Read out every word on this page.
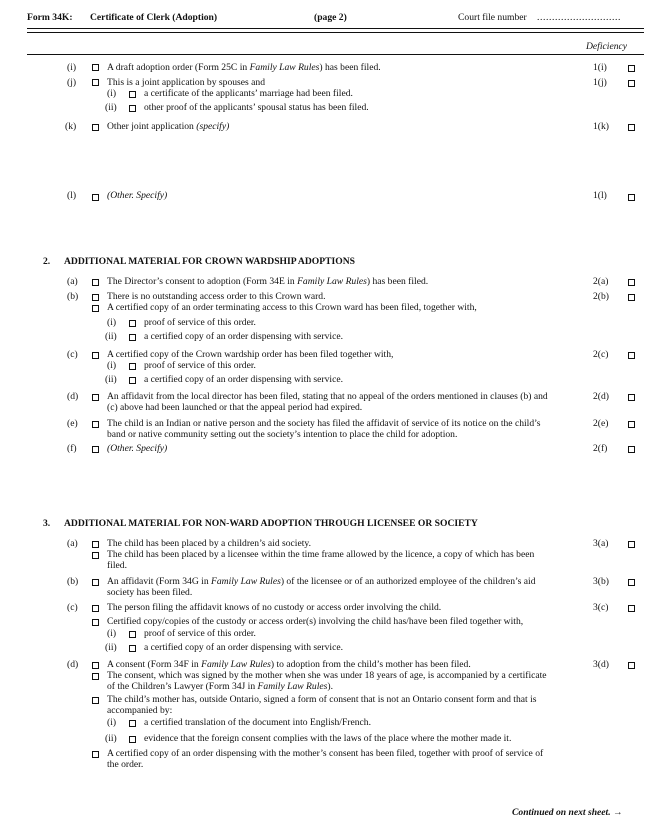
Form 34K: Certificate of Clerk (Adoption)	(page 2)	Court file number ............................
Deficiency
(i)	A draft adoption order (Form 25C in Family Law Rules) has been filed.	1(i)
(j)	This is a joint application by spouses and	1(j)
(i)	a certificate of the applicants’ marriage had been filed.
(ii)	other proof of the applicants’ spousal status has been filed.
(k)	Other joint application (specify)	1(k)
(l)	(Other. Specify)	1(l)
2. ADDITIONAL MATERIAL FOR CROWN WARDSHIP ADOPTIONS
(a)	The Director’s consent to adoption (Form 34E in Family Law Rules) has been filed.	2(a)
(b)	There is no outstanding access order to this Crown ward.	2(b)
A certified copy of an order terminating access to this Crown ward has been filed, together with,
(i)	proof of service of this order.
(ii)	a certified copy of an order dispensing with service.
(c)	A certified copy of the Crown wardship order has been filed together with,	2(c)
(i)	proof of service of this order.
(ii)	a certified copy of an order dispensing with service.
(d)	An affidavit from the local director has been filed, stating that no appeal of the orders mentioned in clauses (b) and
(c) above had been launched or that the appeal period had expired.
2(d)
(e)	The child is an Indian or native person and the society has filed the affidavit of service of its notice on the child’s
band or native community setting out the society’s intention to place the child for adoption.
2(e)
(f)	(Other. Specify)	2(f)
3. ADDITIONAL MATERIAL FOR NON-WARD ADOPTION THROUGH LICENSEE OR SOCIETY
(a)	The child has been placed by a children’s aid society.	3(a)
The child has been placed by a licensee within the time frame allowed by the licence, a copy of which has been
filed.
(b)	An affidavit (Form 34G in Family Law Rules) of the licensee or of an authorized employee of the children’s aid
society has been filed.
3(b)
(c)	The person filing the affidavit knows of no custody or access order involving the child.	3(c)
Certified copy/copies of the custody or access order(s) involving the child has/have been filed together with,
(i)	proof of service of this order.
(ii)	a certified copy of an order dispensing with service.
(d)	A consent (Form 34F in Family Law Rules) to adoption from the child’s mother has been filed.	3(d)
The consent, which was signed by the mother when she was under 18 years of age, is accompanied by a certificate
of the Children’s Lawyer (Form 34J in Family Law Rules).
The child’s mother has, outside Ontario, signed a form of consent that is not an Ontario consent form and that is
accompanied by:
(i)	a certified translation of the document into English/French.
(ii)	evidence that the foreign consent complies with the laws of the place where the mother made it.
A certified copy of an order dispensing with the mother’s consent has been filed, together with proof of service of
the order.
Continued on next sheet. →
